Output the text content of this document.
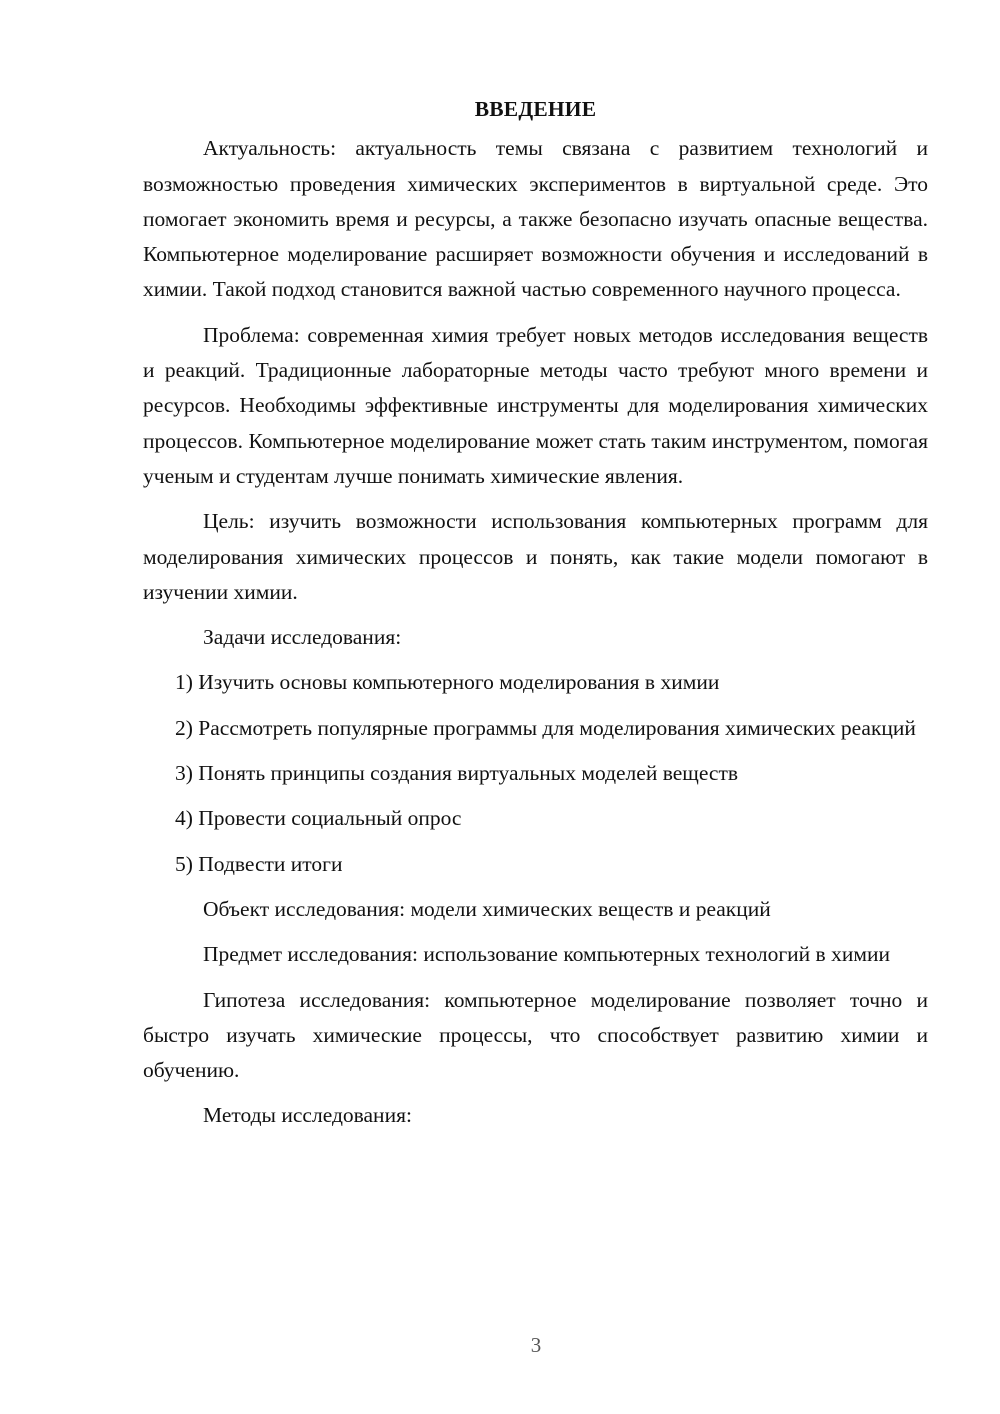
ВВЕДЕНИЕ

Актуальность: актуальность темы связана с развитием технологий и возможностью проведения химических экспериментов в виртуальной среде. Это помогает экономить время и ресурсы, а также безопасно изучать опасные вещества. Компьютерное моделирование расширяет возможности обучения и исследований в химии. Такой подход становится важной частью современного научного процесса.

Проблема: современная химия требует новых методов исследования веществ и реакций. Традиционные лабораторные методы часто требуют много времени и ресурсов. Необходимы эффективные инструменты для моделирования химических процессов. Компьютерное моделирование может стать таким инструментом, помогая ученым и студентам лучше понимать химические явления.

Цель: изучить возможности использования компьютерных программ для моделирования химических процессов и понять, как такие модели помогают в изучении химии.

Задачи исследования:

1) Изучить основы компьютерного моделирования в химии

2) Рассмотреть популярные программы для моделирования химических реакций

3) Понять принципы создания виртуальных моделей веществ

4) Провести социальный опрос

5) Подвести итоги

Объект исследования: модели химических веществ и реакций

Предмет исследования: использование компьютерных технологий в химии

Гипотеза исследования: компьютерное моделирование позволяет точно и быстро изучать химические процессы, что способствует развитию химии и обучению.

Методы исследования:

3
